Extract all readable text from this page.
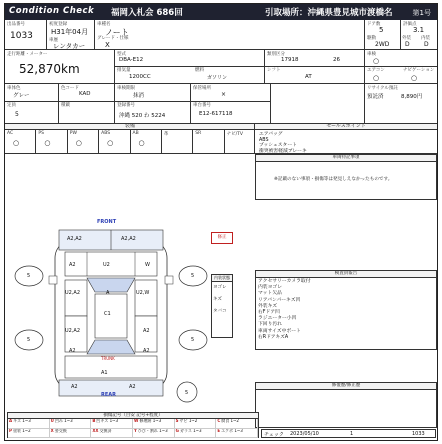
Condition Check 福岡入札会 686回	引取場所：沖縄県豊見城市渡橋名	第1号
出品番号
1033
初度登録
H31年04月
車歴
レンタカー
車種名
ノート
グレード・仕様
X
ドア数
5
駆動
2WD
評価点
3.1
外装 内装
D D
走行距離・メーター
52,870km
型式
DBA-E12
排気量
1200CC
燃料
ガソリン
類別区分
17918	26
シフト
AT
車検
○
エアコン
○
ナビゲーション
○
車体色
グレー
定員
5
色コード
KAD
積載
車検期限
抹消
登録番号
沖縄 520 わ 5224
保管場所
×
車台番号
E12-617118
リサイクル預託
預託済	8,890円
装備
AC
○
PS
○
PW
○
ABS
○
AB
○
革	SR	ナビ/TV
セールスポイント
エアバッグ
ABS
プッシュスタート
衝突被害軽減ブレーキ
車両特記事項
※記載のない事項・損傷等は発見しえなかったものです。
検査員報告
アクセサリーカメラ取付
内装ヨゴレ
マット欠品
リアバンパーキズ凹
外装キズ
右Fドア凹
ラジエーター小凹
下回り汚れ
車両サイズ中ボート
右RドアキズA
修復歴/修正歴
FRONT
REAR
TRUNK
A2,A2	A2,A2
A2	U2	W
U2,A2	U2,W
A
C1
U2,A2	A2
A2	A2
A1
A2	A2
5	5
5	5
5
修正
内装状態
ヨゴレ
キズ
タバコ
損傷記号（目安 記号+程度）
Aキズ 1~3	U凹み 1~3	B凹キズ 1~3	W修理跡 1~3	Sサビ 1~2	C腐食 1~2
P塗装 1~2	X要交換	XX交換済	Yひび・割れ 1~3	Gガラス 1~3	Eエクボ 1~3
チェック 2023/05/10	1	1033
